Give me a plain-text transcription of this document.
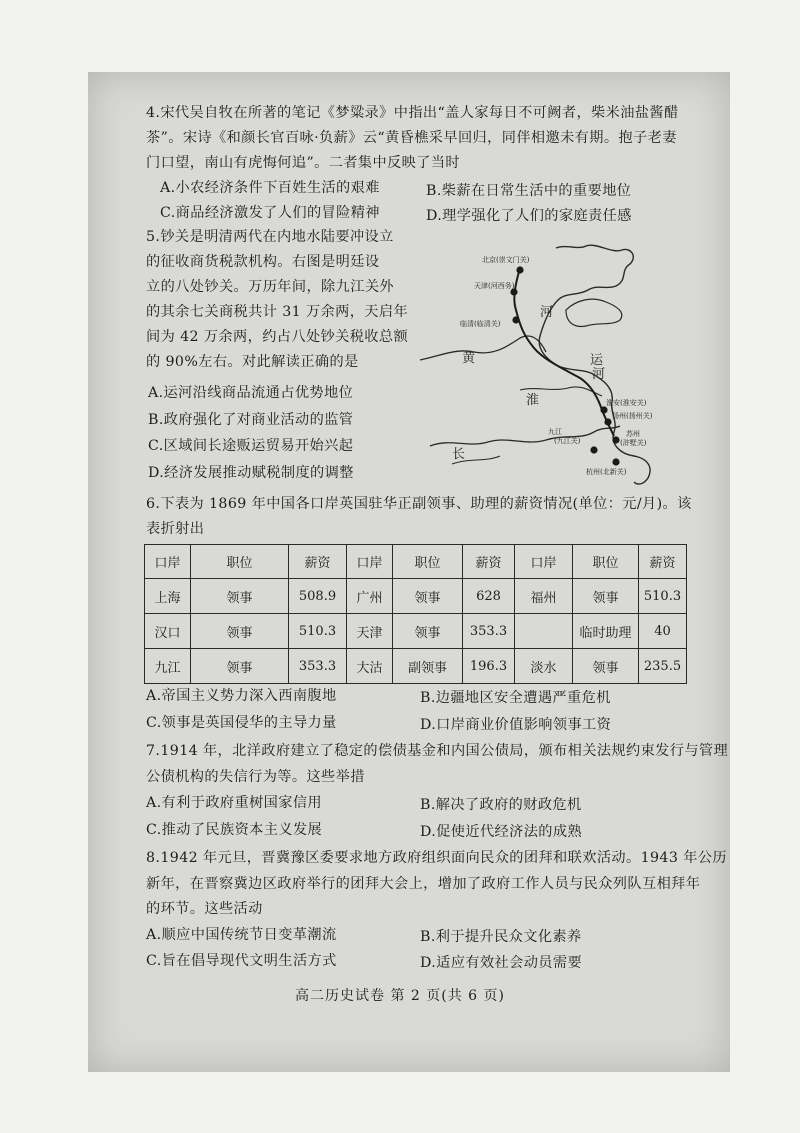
4.宋代吴自牧在所著的笔记《梦粱录》中指出“盖人家每日不可阙者，柴米油盐酱醋
茶”。宋诗《和颜长官百咏·负薪》云“黄昏樵采早回归，同伴相邀未有期。抱子老妻
门口望，南山有虎悔何追”。二者集中反映了当时
A.小农经济条件下百姓生活的艰难	B.柴薪在日常生活中的重要地位
C.商品经济激发了人们的冒险精神	D.理学强化了人们的家庭责任感
5.钞关是明清两代在内地水陆要冲设立
的征收商货税款机构。右图是明廷设
立的八处钞关。万历年间，除九江关外
的其余七关商税共计 31 万余两，天启年
间为 42 万余两，约占八处钞关税收总额
的 90%左右。对此解读正确的是
A.运河沿线商品流通占优势地位
B.政府强化了对商业活动的监管
C.区域间长途贩运贸易开始兴起
D.经济发展推动赋税制度的调整
北京(崇文门关)
天津(河西务)
临清(临清关)
淮安(淮安关)
扬州(扬州关)
苏州
(浒墅关)
九江
(九江关)
杭州(北新关)
黄
河
河
淮
长
运
6.下表为 1869 年中国各口岸英国驻华正副领事、助理的薪资情况(单位：元/月)。该
表折射出
口岸	职位	薪资	口岸	职位	薪资	口岸	职位	薪资
上海	领事	508.9	广州	领事	628	福州	领事	510.3
汉口	领事	510.3	天津	领事	353.3		临时助理	40
九江	领事	353.3	大沽	副领事	196.3	淡水	领事	235.5
A.帝国主义势力深入西南腹地	B.边疆地区安全遭遇严重危机
C.领事是英国侵华的主导力量	D.口岸商业价值影响领事工资
7.1914 年，北洋政府建立了稳定的偿债基金和内国公债局，颁布相关法规约束发行与管理
公债机构的失信行为等。这些举措
A.有利于政府重树国家信用	B.解决了政府的财政危机
C.推动了民族资本主义发展	D.促使近代经济法的成熟
8.1942 年元旦，晋冀豫区委要求地方政府组织面向民众的团拜和联欢活动。1943 年公历
新年，在晋察冀边区政府举行的团拜大会上，增加了政府工作人员与民众列队互相拜年
的环节。这些活动
A.顺应中国传统节日变革潮流	B.利于提升民众文化素养
C.旨在倡导现代文明生活方式	D.适应有效社会动员需要
高二历史试卷 第 2 页(共 6 页)
